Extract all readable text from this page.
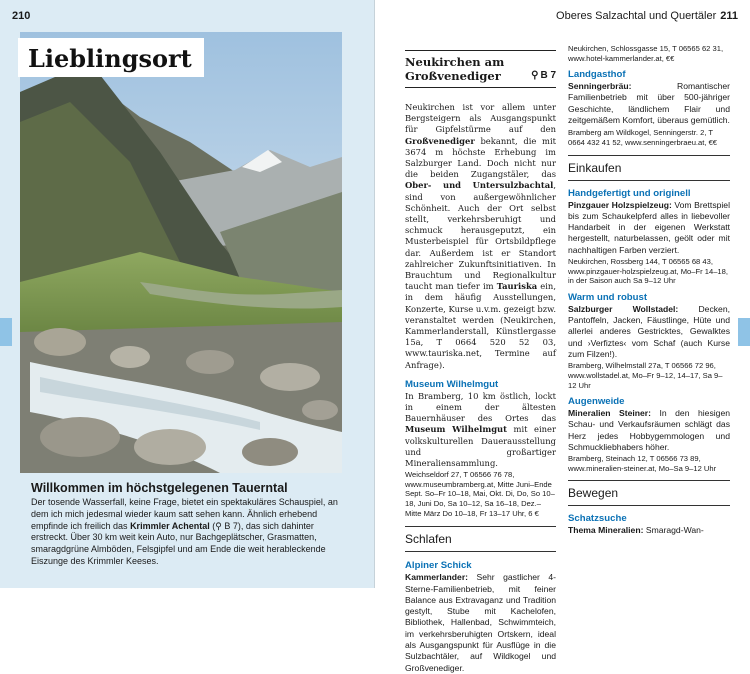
210
Lieblingsort
Willkommen im höchstgelegenen Tauerntal

Der tosende Wasserfall, keine Frage, bietet ein spektakuläres Schauspiel, an dem ich mich jedesmal wieder kaum satt sehen kann. Ähnlich erhebend empfinde ich freilich das Krimmler Achental (⚲ B 7), das sich dahinter erstreckt. Über 30 km weit kein Auto, nur Bachgeplätscher, Grasmatten, smaragdgrüne Almböden, Felsgipfel und am Ende die weit herableckende Eiszunge des Krimmler Keeses.

Oberes Salzachtal und Quertäler 211
Neukirchen am Großvenediger	⚲ B 7

Neukirchen ist vor allem unter Bergsteigern als Ausgangspunkt für Gipfelstürme auf den Großvenediger bekannt, die mit 3674 m höchste Erhebung im Salzburger Land. Doch nicht nur die beiden Zugangstäler, das Ober- und Untersulzbachtal, sind von außergewöhnlicher Schönheit. Auch der Ort selbst stellt, verkehrsberuhigt und schmuck herausgeputzt, ein Musterbeispiel für Ortsbildpflege dar. Außerdem ist er Standort zahlreicher Zukunftsinitiativen. In Brauchtum und Regionalkultur taucht man tiefer im Tauriska ein, in dem häufig Ausstellungen, Konzerte, Kurse u.v.m. gezeigt bzw. veranstaltet werden (Neukirchen, Kammerlanderstall, Künstlergasse 15a, T 0664 520 52 03, www.tauriska.net, Termine auf Anfrage).

Museum Wilhelmgut

In Bramberg, 10 km östlich, lockt in einem der ältesten Bauernhäuser des Ortes das Museum Wilhelmgut mit einer volkskulturellen Dauerausstellung und großartiger Mineraliensammlung.

Weichseldorf 27, T 06566 76 78, www.museumbramberg.at, Mitte Juni–Ende Sept. So–Fr 10–18, Mai, Okt. Di, Do, So 10–18, Juni Do, Sa 10–12, Sa 16–18, Dez.–Mitte März Do 10–18, Fr 13–17 Uhr, 6 €

Schlafen
Alpiner Schick

Kammerlander: Sehr gastlicher 4-Sterne-Familienbetrieb, mit feiner Balance aus Extravaganz und Tradition gestylt, Stube mit Kachelofen, Bibliothek, Hallenbad, Schwimmteich, im verkehrsberuhigten Ortskern, ideal als Ausgangspunkt für Ausflüge in die Sulzbachtäler, auf Wildkogel und Großvenediger.

Neukirchen, Schlossgasse 15, T 06565 62 31, www.hotel-kammerlander.at, €€

Landgasthof

Senningerbräu: Romantischer Familienbetrieb mit über 500-jähriger Geschichte, ländlichem Flair und zeitgemäßem Komfort, überaus gemütlich.

Bramberg am Wildkogel, Senningerstr. 2, T 0664 432 41 52, www.senningerbraeu.at, €€

Einkaufen
Handgefertigt und originell

Pinzgauer Holzspielzeug: Vom Brettspiel bis zum Schaukelpferd alles in liebevoller Handarbeit in der eigenen Werkstatt hergestellt, naturbelassen, geölt oder mit nachhaltigen Farben verziert.

Neukirchen, Rossberg 144, T 06565 68 43, www.pinzgauer-holzspielzeug.at, Mo–Fr 14–18, in der Saison auch Sa 9–12 Uhr

Warm und robust

Salzburger Wollstadel: Decken, Pantoffeln, Jacken, Fäustlinge, Hüte und allerlei anderes Gestricktes, Gewalktes und ›Verfiztes‹ vom Schaf (auch Kurse zum Filzen!).

Bramberg, Wilhelmstall 27a, T 06566 72 96, www.wollstadel.at, Mo–Fr 9–12, 14–17, Sa 9–12 Uhr

Augenweide

Mineralien Steiner: In den hiesigen Schau- und Verkaufsräumen schlägt das Herz jedes Hobbygemmologen und Schmuckliebhabers höher.

Bramberg, Steinach 12, T 06566 73 89, www.mineralien-steiner.at, Mo–Sa 9–12 Uhr

Bewegen
Schatzsuche

Thema Mineralien: Smaragd-Wan-
